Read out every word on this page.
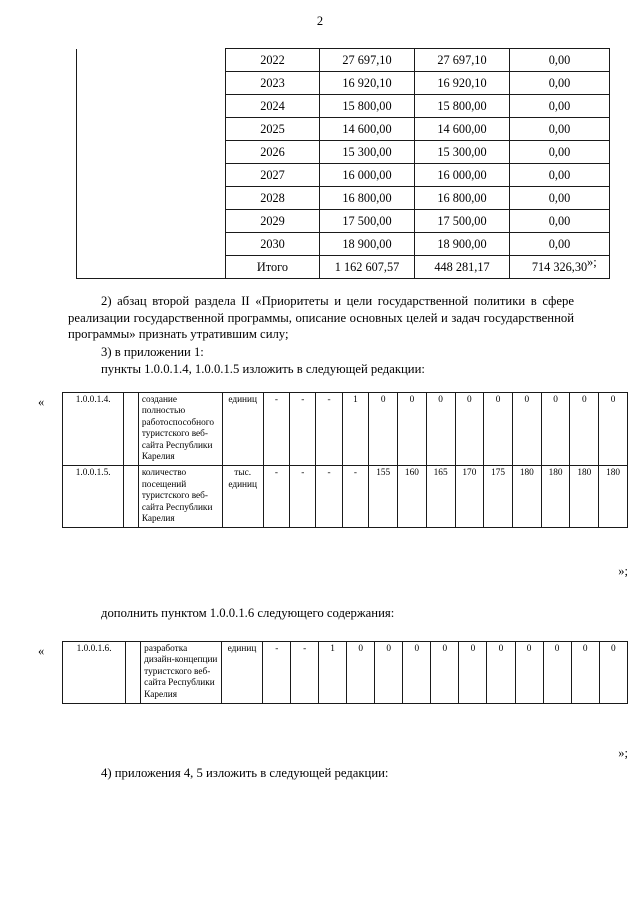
2
	2022	27 697,10	27 697,10	0,00
	2023	16 920,10	16 920,10	0,00
	2024	15 800,00	15 800,00	0,00
	2025	14 600,00	14 600,00	0,00
	2026	15 300,00	15 300,00	0,00
	2027	16 000,00	16 000,00	0,00
	2028	16 800,00	16 800,00	0,00
	2029	17 500,00	17 500,00	0,00
	2030	18 900,00	18 900,00	0,00
	Итого	1 162 607,57	448 281,17	714 326,30 »;
2) абзац второй раздела II «Приоритеты и цели государственной политики в сфере реализации государственной программы, описание основных целей и задач государственной программы» признать утратившим силу;
3) в приложении 1:
пункты 1.0.0.1.4, 1.0.0.1.5 изложить в следующей редакции:
«	1.0.0.1.4.		создание полностью работоспособного туристского веб-сайта Республики Карелия	единиц	-	-	-	1	0	0	0	0	0	0	0	0	0
1.0.0.1.5.		количество посещений туристского веб-сайта Республики Карелия	тыс. единиц	-	-	-	-	155	160	165	170	175	180	180	180	180
»;
дополнить пунктом 1.0.0.1.6 следующего содержания:
«	1.0.0.1.6.		разработка дизайн-концепции туристского веб-сайта Республики Карелия	единиц	-	-	1	0	0	0	0	0	0	0	0	0	0
»;
4) приложения 4, 5 изложить в следующей редакции:
